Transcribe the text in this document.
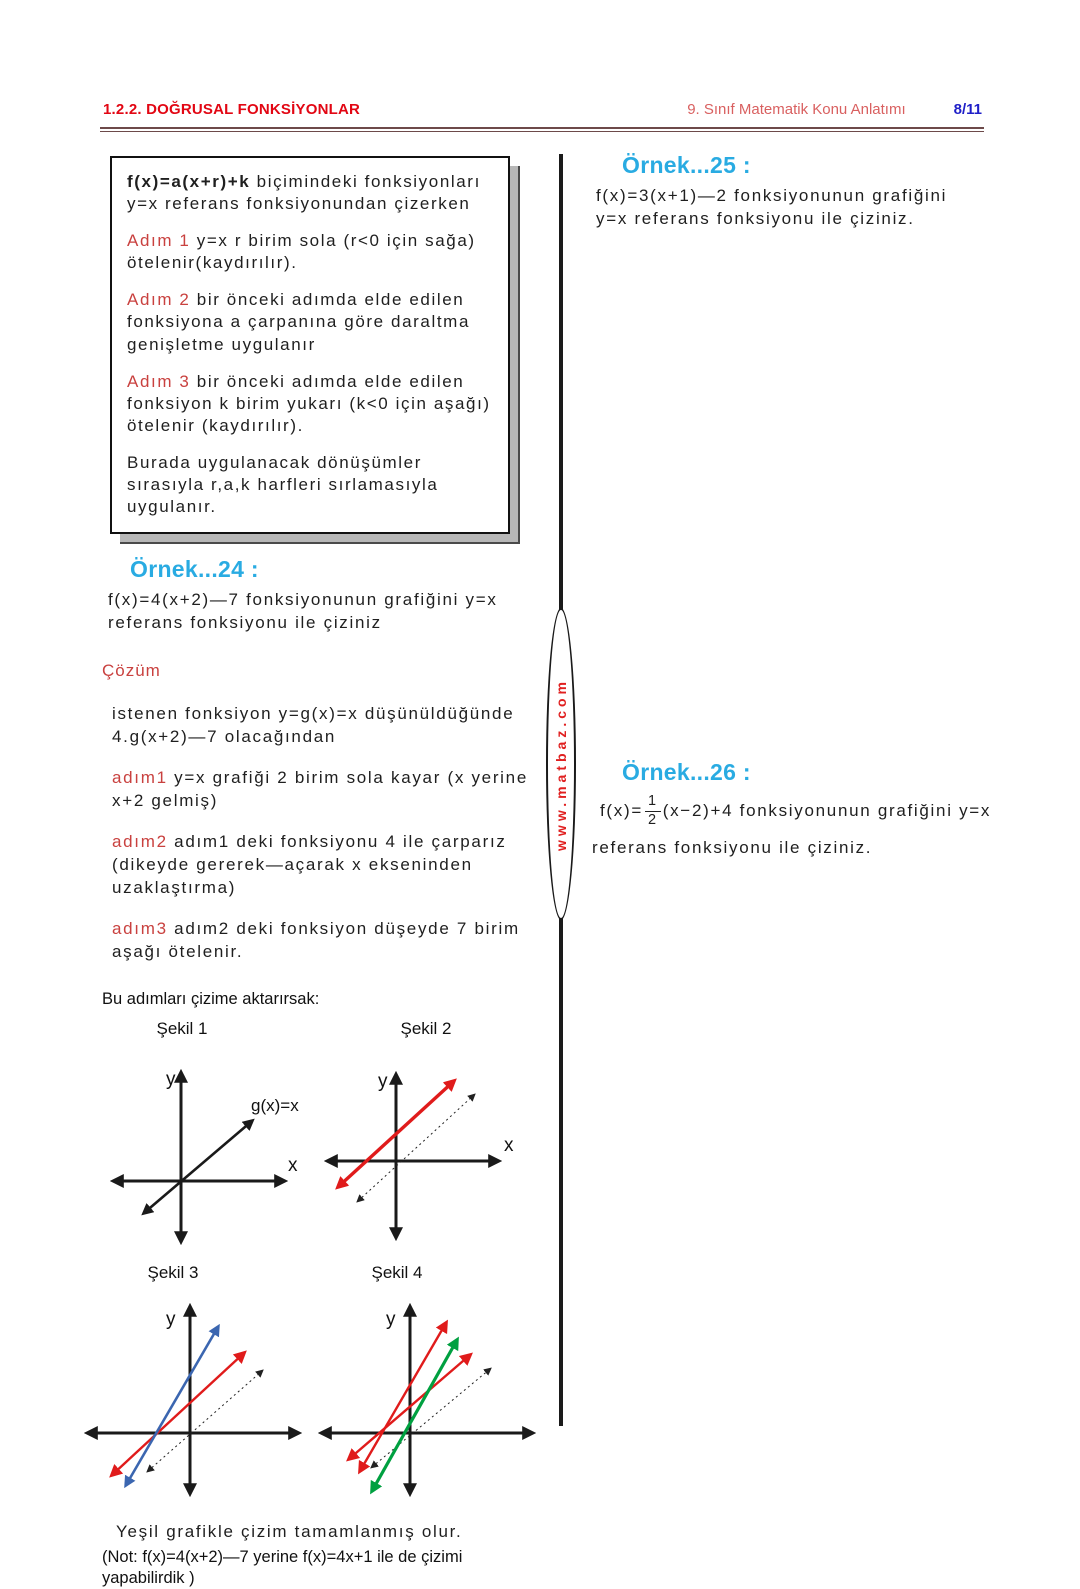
1.2.2. DOĞRUSAL FONKSİYONLAR	9. Sınıf Matematik Konu Anlatımı	8/11

f(x)=a(x+r)+k biçimindeki fonksiyonları y=x referans fonksiyonundan çizerken

Adım 1 y=x r birim sola (r<0 için sağa) ötelenir(kaydırılır).

Adım 2 bir önceki adımda elde edilen fonksiyona a çarpanına göre daraltma genişletme uygulanır

Adım 3 bir önceki adımda elde edilen fonksiyon k birim yukarı (k<0 için aşağı) ötelenir (kaydırılır).

Burada uygulanacak dönüşümler sırasıyla r,a,k harfleri sırlamasıyla uygulanır.

Örnek...24 :

f(x)=4(x+2)—7 fonksiyonunun grafiğini y=x referans fonksiyonu ile çiziniz

Çözüm

istenen fonksiyon y=g(x)=x düşünüldüğünde 4.g(x+2)—7 olacağından

adım1 y=x grafiği 2 birim sola kayar (x yerine x+2 gelmiş)

adım2 adım1 deki fonksiyonu 4 ile çarparız (dikeyde gererek—açarak x ekseninden uzaklaştırma)

adım3 adım2 deki fonksiyon düşeyde 7 birim aşağı ötelenir.

Bu adımları çizime aktarırsak:

Şekil 1
y
x
g(x)=x
Şekil 2
y
x
Şekil 3
y
Şekil 4
y

Yeşil grafikle çizim tamamlanmış olur.

(Not: f(x)=4(x+2)—7 yerine f(x)=4x+1 ile de çizimi
yapabilirdik )

www.matbaz.com
Örnek...25 :

f(x)=3(x+1)—2 fonksiyonunun grafiğini y=x referans fonksiyonu ile çiziniz.

Örnek...26 :

$f(x)= \frac{1}{2} (x-2)+4$ fonksiyonunun grafiğini y=x

referans fonksiyonu ile çiziniz.
